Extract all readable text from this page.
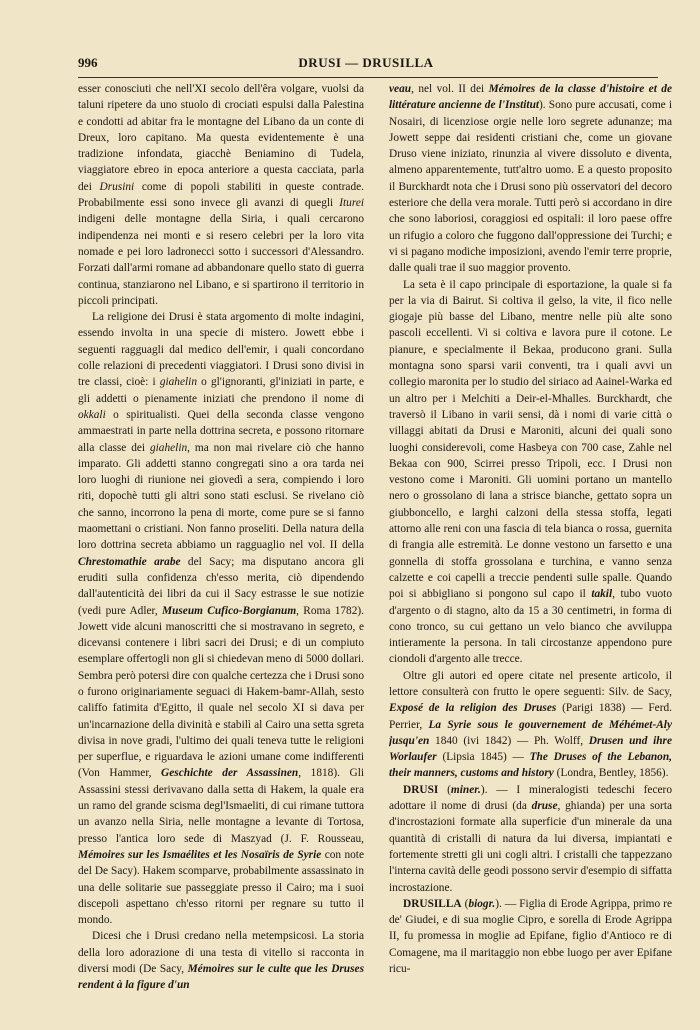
996	DRUSI — DRUSILLA

esser conosciuti che nell'XI secolo dell'êra volgare, vuolsi da taluni ripetere da uno stuolo di crociati espulsi dalla Palestina e condotti ad abitar fra le montagne del Libano da un conte di Dreux, loro capitano. Ma questa evidentemente è una tradizione infondata, giacchè Beniamino di Tudela, viaggiatore ebreo in epoca anteriore a questa cacciata, parla dei Drusini come di popoli stabiliti in queste contrade. Probabilmente essi sono invece gli avanzi di quegli Iturei indigeni delle montagne della Siria, i quali cercarono indipendenza nei monti e si resero celebri per la loro vita nomade e pei loro ladronecci sotto i successori d'Alessandro. Forzati dall'armi romane ad abbandonare quello stato di guerra continua, stanziarono nel Libano, e si spartirono il territorio in piccoli principati.

La religione dei Drusi è stata argomento di molte indagini, essendo involta in una specie di mistero. Jowett ebbe i seguenti ragguagli dal medico dell'emir, i quali concordano colle relazioni di precedenti viaggiatori. I Drusi sono divisi in tre classi, cioè: i giahelin o gl'ignoranti, gl'iniziati in parte, e gli addetti o pienamente iniziati che prendono il nome di okkali o spiritualisti. Quei della seconda classe vengono ammaestrati in parte nella dottrina secreta, e possono ritornare alla classe dei giahelin, ma non mai rivelare ciò che hanno imparato. Gli addetti stanno congregati sino a ora tarda nei loro luoghi di riunione nei giovedì a sera, compiendo i loro riti, dopochè tutti gli altri sono stati esclusi. Se rivelano ciò che sanno, incorrono la pena di morte, come pure se si fanno maomettani o cristiani. Non fanno proseliti. Della natura della loro dottrina secreta abbiamo un ragguaglio nel vol. II della Chrestomathie arabe del Sacy; ma disputano ancora gli eruditi sulla confidenza ch'esso merita, ciò dipendendo dall'autenticità dei libri da cui il Sacy estrasse le sue notizie (vedi pure Adler, Museum Cufico-Borgianum, Roma 1782). Jowett vide alcuni manoscritti che si mostravano in segreto, e dicevansi contenere i libri sacri dei Drusi; e di un compiuto esemplare offertogli non gli si chiedevan meno di 5000 dollari. Sembra però potersi dire con qualche certezza che i Drusi sono o furono originariamente seguaci di Hakem-bamr-Allah, sesto califfo fatimita d'Egitto, il quale nel secolo XI si dava per un'incarnazione della divinità e stabilì al Cairo una setta sgreta divisa in nove gradi, l'ultimo dei quali teneva tutte le religioni per superflue, e riguardava le azioni umane come indifferenti (Von Hammer, Geschichte der Assassinen, 1818). Gli Assassini stessi derivavano dalla setta di Hakem, la quale era un ramo del grande scisma degl'Ismaeliti, di cui rimane tuttora un avanzo nella Siria, nelle montagne a levante di Tortosa, presso l'antica loro sede di Maszyad (J. F. Rousseau, Mémoires sur les Ismaélites et les Nosaïris de Syrie con note del De Sacy). Hakem scomparve, probabilmente assassinato in una delle solitarie sue passeggiate presso il Cairo; ma i suoi discepoli aspettano ch'esso ritorni per regnare su tutto il mondo.

Dicesi che i Drusi credano nella metempsicosi. La storia della loro adorazione di una testa di vitello si racconta in diversi modi (De Sacy, Mémoires sur le culte que les Druses rendent à la figure d'un

veau, nel vol. II dei Mémoires de la classe d'histoire et de littérature ancienne de l'Institut). Sono pure accusati, come i Nosairi, di licenziose orgie nelle loro segrete adunanze; ma Jowett seppe dai residenti cristiani che, come un giovane Druso viene iniziato, rinunzia al vivere dissoluto e diventa, almeno apparentemente, tutt'altro uomo. E a questo proposito il Burckhardt nota che i Drusi sono più osservatori del decoro esteriore che della vera morale. Tutti però si accordano in dire che sono laboriosi, coraggiosi ed ospitali: il loro paese offre un rifugio a coloro che fuggono dall'oppressione dei Turchi; e vi si pagano modiche imposizioni, avendo l'emir terre proprie, dalle quali trae il suo maggior provento.

La seta è il capo principale di esportazione, la quale si fa per la via di Bairut. Si coltiva il gelso, la vite, il fico nelle giogaje più basse del Libano, mentre nelle più alte sono pascoli eccellenti. Vi si coltiva e lavora pure il cotone. Le pianure, e specialmente il Bekaa, producono grani. Sulla montagna sono sparsi varii conventi, tra i quali avvi un collegio maronita per lo studio del siriaco ad Aainel-Warka ed un altro per i Melchiti a Deir-el-Mhalles. Burckhardt, che traversò il Libano in varii sensi, dà i nomi di varie città o villaggi abitati da Drusi e Maroniti, alcuni dei quali sono luoghi considerevoli, come Hasbeya con 700 case, Zahle nel Bekaa con 900, Scirrei presso Tripoli, ecc. I Drusi non vestono come i Maroniti. Gli uomini portano un mantello nero o grossolano di lana a strisce bianche, gettato sopra un giubboncello, e larghi calzoni della stessa stoffa, legati attorno alle reni con una fascia di tela bianca o rossa, guernita di frangia alle estremità. Le donne vestono un farsetto e una gonnella di stoffa grossolana e turchina, e vanno senza calzette e coi capelli a treccie pendenti sulle spalle. Quando poi si abbigliano si pongono sul capo il takil, tubo vuoto d'argento o di stagno, alto da 15 a 30 centimetri, in forma di cono tronco, su cui gettano un velo bianco che avviluppa intieramente la persona. In tali circostanze appendono pure ciondoli d'argento alle trecce.

Oltre gli autori ed opere citate nel presente articolo, il lettore consulterà con frutto le opere seguenti: Silv. de Sacy, Exposé de la religion des Druses (Parigi 1838) — Ferd. Perrier, La Syrie sous le gouvernement de Méhémet-Aly jusqu'en 1840 (ivi 1842) — Ph. Wolff, Drusen und ihre Worlaufer (Lipsia 1845) — The Druses of the Lebanon, their manners, customs and history (Londra, Bentley, 1856).

DRUSI (miner.). — I mineralogisti tedeschi fecero adottare il nome di drusi (da druse, ghianda) per una sorta d'incrostazioni formate alla superficie d'un minerale da una quantità di cristalli di natura da lui diversa, impiantati e fortemente stretti gli uni cogli altri. I cristalli che tappezzano l'interna cavità delle geodi possono servir d'esempio di siffatta incrostazione.

DRUSILLA (biogr.). — Figlia di Erode Agrippa, primo re de' Giudei, e di sua moglie Cipro, e sorella di Erode Agrippa II, fu promessa in moglie ad Epifane, figlio d'Antioco re di Comagene, ma il maritaggio non ebbe luogo per aver Epifane ricu-
